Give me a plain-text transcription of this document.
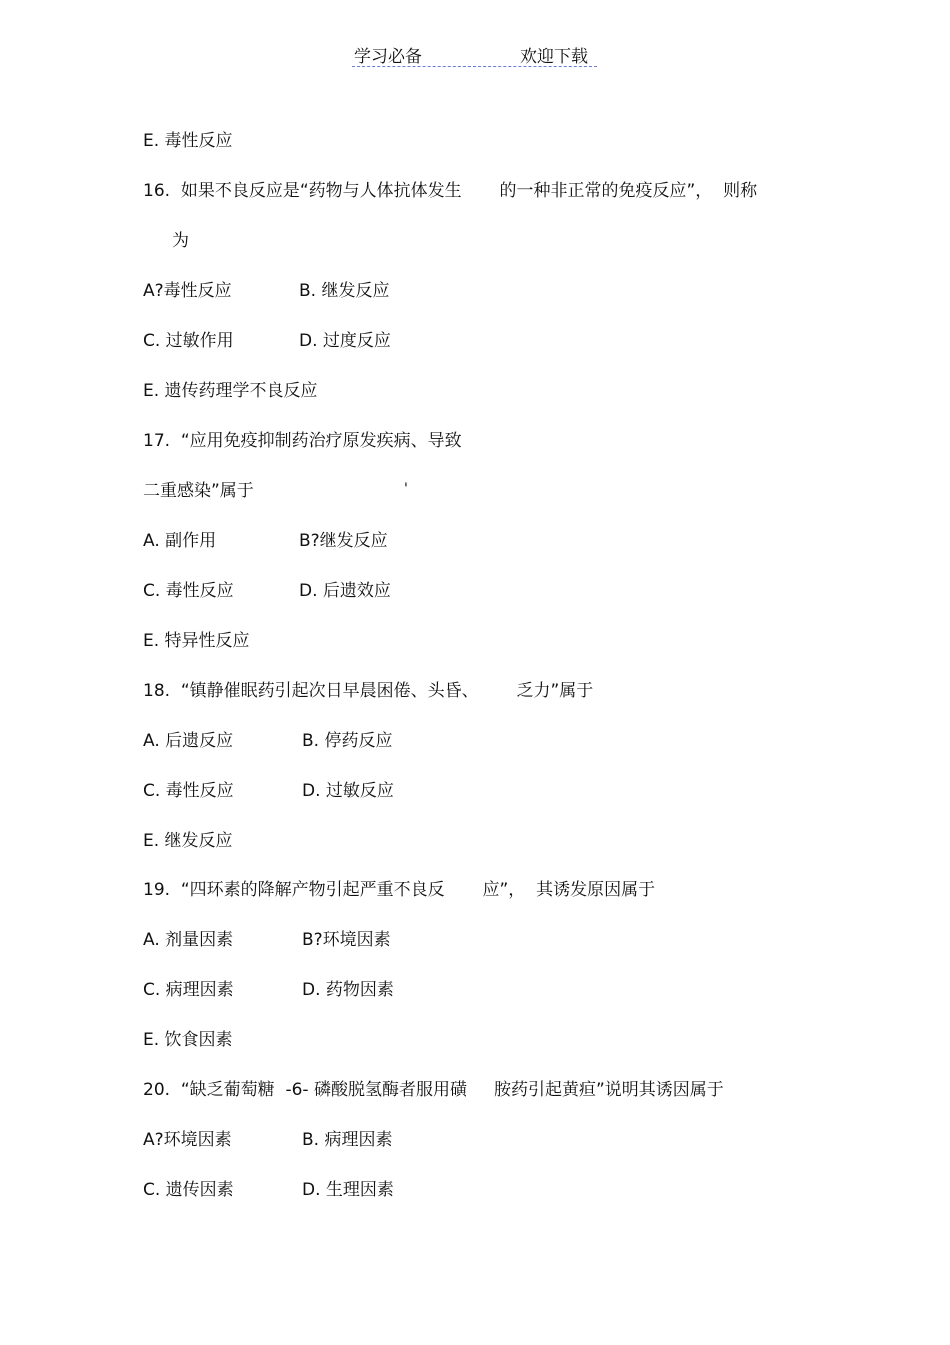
学习必备	欢迎下载
E. 毒性反应
16.  如果不良反应是“药物与人体抗体发生       的一种非正常的免疫反应”，  则称
为
A?毒性反应	B. 继发反应
C. 过敏作用	D. 过度反应
E. 遗传药理学不良反应
17.  “应用免疫抑制药治疗原发疾病、导致
二重感染”属于	'
A. 副作用	B?继发反应
C. 毒性反应	D. 后遗效应
E. 特异性反应
18.  “镇静催眠药引起次日早晨困倦、头昏、       乏力”属于
A. 后遗反应	B. 停药反应
C. 毒性反应	D. 过敏反应
E. 继发反应
19.  “四环素的降解产物引起严重不良反       应”，  其诱发原因属于
A. 剂量因素	B?环境因素
C. 病理因素	D. 药物因素
E. 饮食因素
20.  “缺乏葡萄糖  -6- 磷酸脱氢酶者服用磺     胺药引起黄疸”说明其诱因属于
A?环境因素	B. 病理因素
C. 遗传因素	D. 生理因素
